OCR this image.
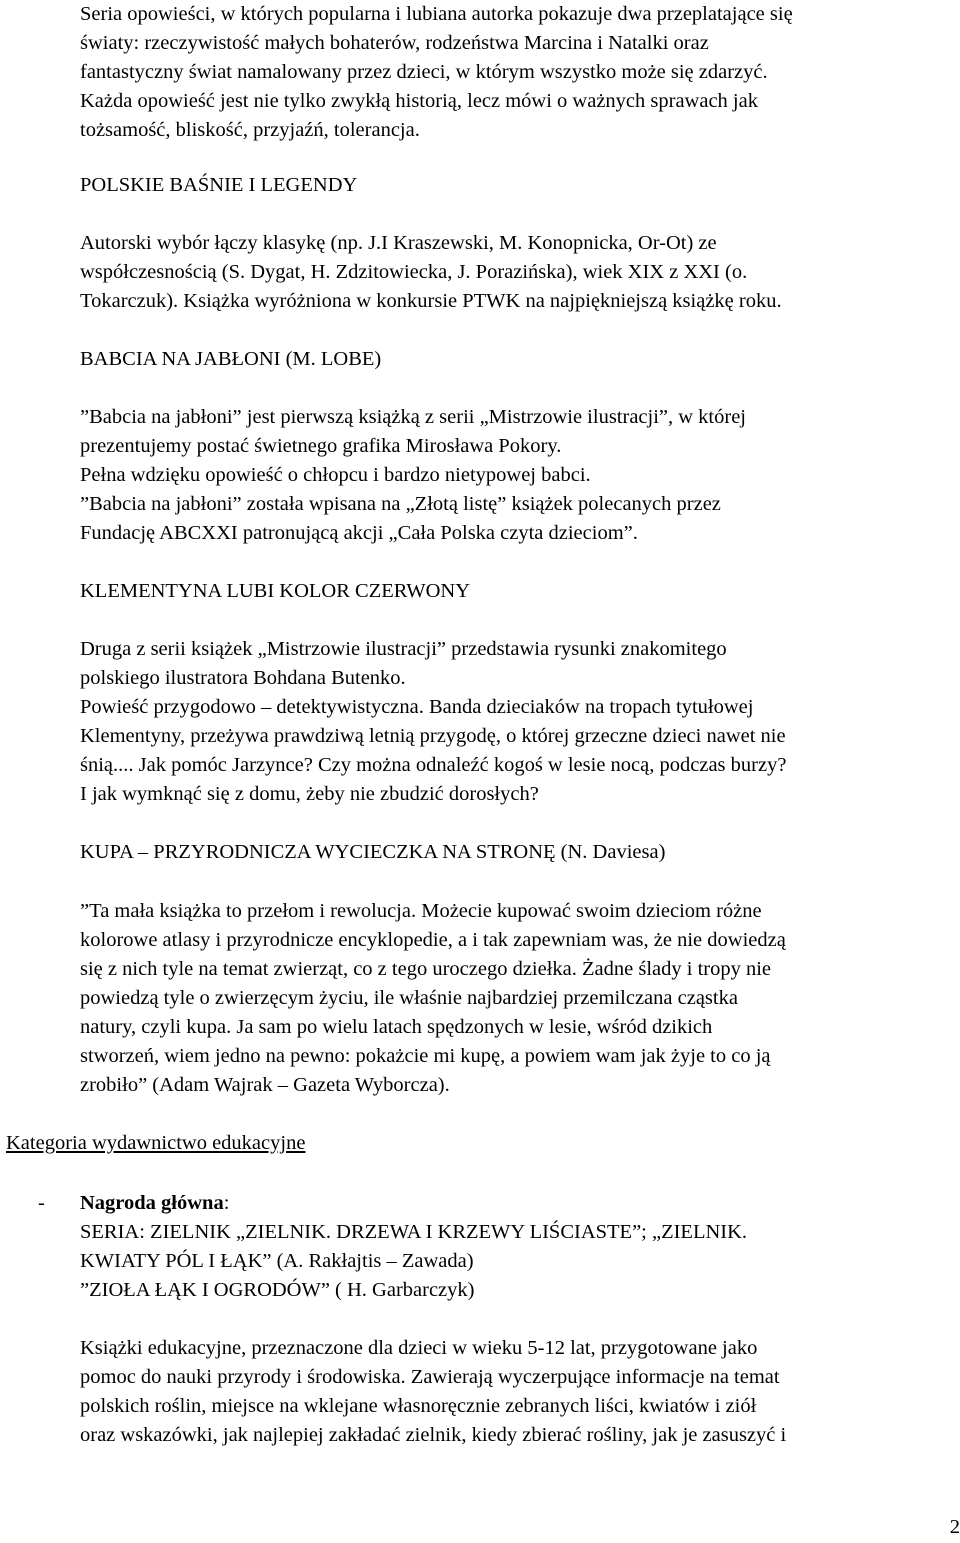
Seria opowieści, w których popularna i lubiana autorka pokazuje dwa przeplatające się
światy: rzeczywistość małych bohaterów, rodzeństwa Marcina i Natalki oraz
fantastyczny świat namalowany przez dzieci, w którym wszystko może się zdarzyć.
Każda opowieść jest nie tylko zwykłą historią, lecz mówi o ważnych sprawach jak
tożsamość, bliskość, przyjaźń, tolerancja.
POLSKIE BAŚNIE I LEGENDY
Autorski wybór łączy klasykę (np. J.I Kraszewski, M. Konopnicka, Or-Ot) ze
współczesnością (S. Dygat, H. Zdzitowiecka, J. Porazińska), wiek XIX z XXI (o.
Tokarczuk). Książka wyróżniona w konkursie PTWK na najpiękniejszą książkę roku.
BABCIA NA JABŁONI (M. LOBE)
”Babcia na jabłoni” jest pierwszą książką z serii „Mistrzowie ilustracji”, w której
prezentujemy postać świetnego grafika Mirosława Pokory.
Pełna wdzięku opowieść o chłopcu i bardzo nietypowej babci.
”Babcia na jabłoni” została wpisana na „Złotą listę” książek polecanych przez
Fundację ABCXXI patronującą akcji „Cała Polska czyta dzieciom”.
KLEMENTYNA LUBI KOLOR CZERWONY
Druga z serii książek „Mistrzowie ilustracji” przedstawia rysunki znakomitego
polskiego ilustratora Bohdana Butenko.
Powieść przygodowo – detektywistyczna. Banda dzieciaków na tropach tytułowej
Klementyny, przeżywa prawdziwą letnią przygodę, o której grzeczne dzieci nawet nie
śnią.... Jak pomóc Jarzynce? Czy można odnaleźć kogoś w lesie nocą, podczas burzy?
I jak wymknąć się z domu, żeby nie zbudzić dorosłych?
KUPA – PRZYRODNICZA WYCIECZKA NA STRONĘ (N. Daviesa)
”Ta mała książka to przełom i rewolucja. Możecie kupować swoim dzieciom różne
kolorowe atlasy i przyrodnicze encyklopedie, a i tak zapewniam was, że nie dowiedzą
się z nich tyle na temat zwierząt, co z tego uroczego dziełka. Żadne ślady i tropy nie
powiedzą tyle o zwierzęcym życiu, ile właśnie najbardziej przemilczana cząstka
natury, czyli kupa. Ja sam po wielu latach spędzonych w lesie, wśród dzikich
stworzeń, wiem jedno na pewno: pokażcie mi kupę, a powiem wam jak żyje to co ją
zrobiło” (Adam Wajrak – Gazeta Wyborcza).
Kategoria wydawnictwo edukacyjne
- Nagroda główna:
SERIA: ZIELNIK „ZIELNIK. DRZEWA I KRZEWY LIŚCIASTE”; „ZIELNIK.
KWIATY PÓL I ŁĄK” (A. Rakłajtis – Zawada)
”ZIOŁA ŁĄK I OGRODÓW” ( H. Garbarczyk)
Książki edukacyjne, przeznaczone dla dzieci w wieku 5-12 lat, przygotowane jako
pomoc do nauki przyrody i środowiska. Zawierają wyczerpujące informacje na temat
polskich roślin, miejsce na wklejane własnoręcznie zebranych liści, kwiatów i ziół
oraz wskazówki, jak najlepiej zakładać zielnik, kiedy zbierać rośliny, jak je zasuszyć i
2
